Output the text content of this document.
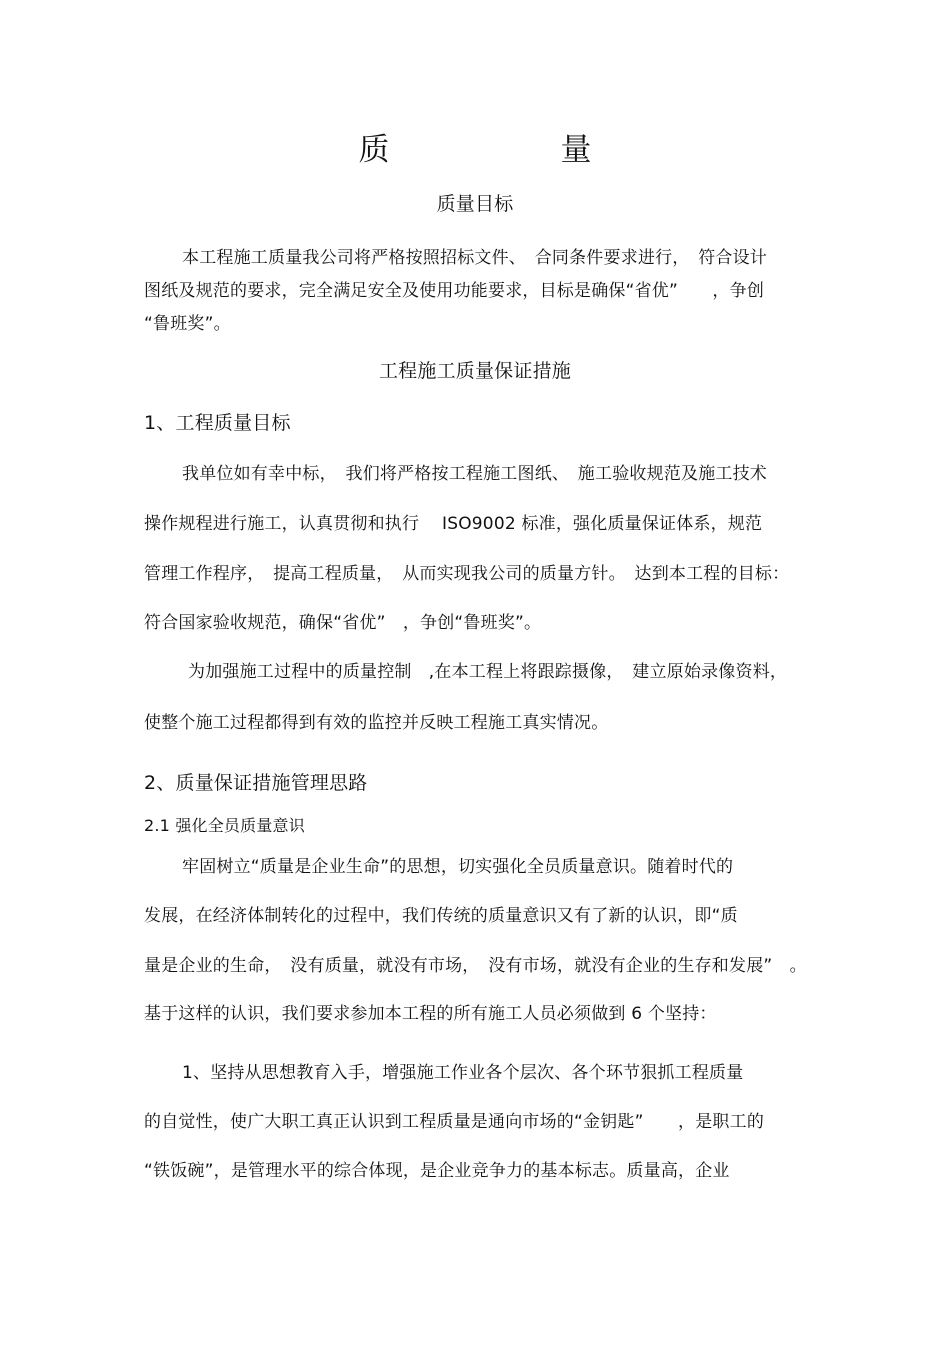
质　量
质量目标
本工程施工质量我公司将严格按照招标文件、　合同条件要求进行，　符合设计
图纸及规范的要求，完全满足安全及使用功能要求，目标是确保“省优”　　，争创
“鲁班奖”。
工程施工质量保证措施
1、工程质量目标
我单位如有幸中标，　我们将严格按工程施工图纸、　施工验收规范及施工技术
操作规程进行施工，认真贯彻和执行　 ISO9002 标准，强化质量保证体系，规范
管理工作程序，　提高工程质量，　从而实现我公司的质量方针。　达到本工程的目标：
符合国家验收规范，确保“省优”　，争创“鲁班奖”。
为加强施工过程中的质量控制　,在本工程上将跟踪摄像，　建立原始录像资料，
使整个施工过程都得到有效的监控并反映工程施工真实情况。
2、质量保证措施管理思路
2.1 强化全员质量意识
牢固树立“质量是企业生命”的思想，切实强化全员质量意识。随着时代的
发展，在经济体制转化的过程中，我们传统的质量意识又有了新的认识，即“质
量是企业的生命，　没有质量，就没有市场，　没有市场，就没有企业的生存和发展”　。
基于这样的认识，我们要求参加本工程的所有施工人员必须做到 6 个坚持：
1、坚持从思想教育入手，增强施工作业各个层次、各个环节狠抓工程质量
的自觉性，使广大职工真正认识到工程质量是通向市场的“金钥匙”　　，是职工的
“铁饭碗”，是管理水平的综合体现，是企业竞争力的基本标志。质量高，企业
